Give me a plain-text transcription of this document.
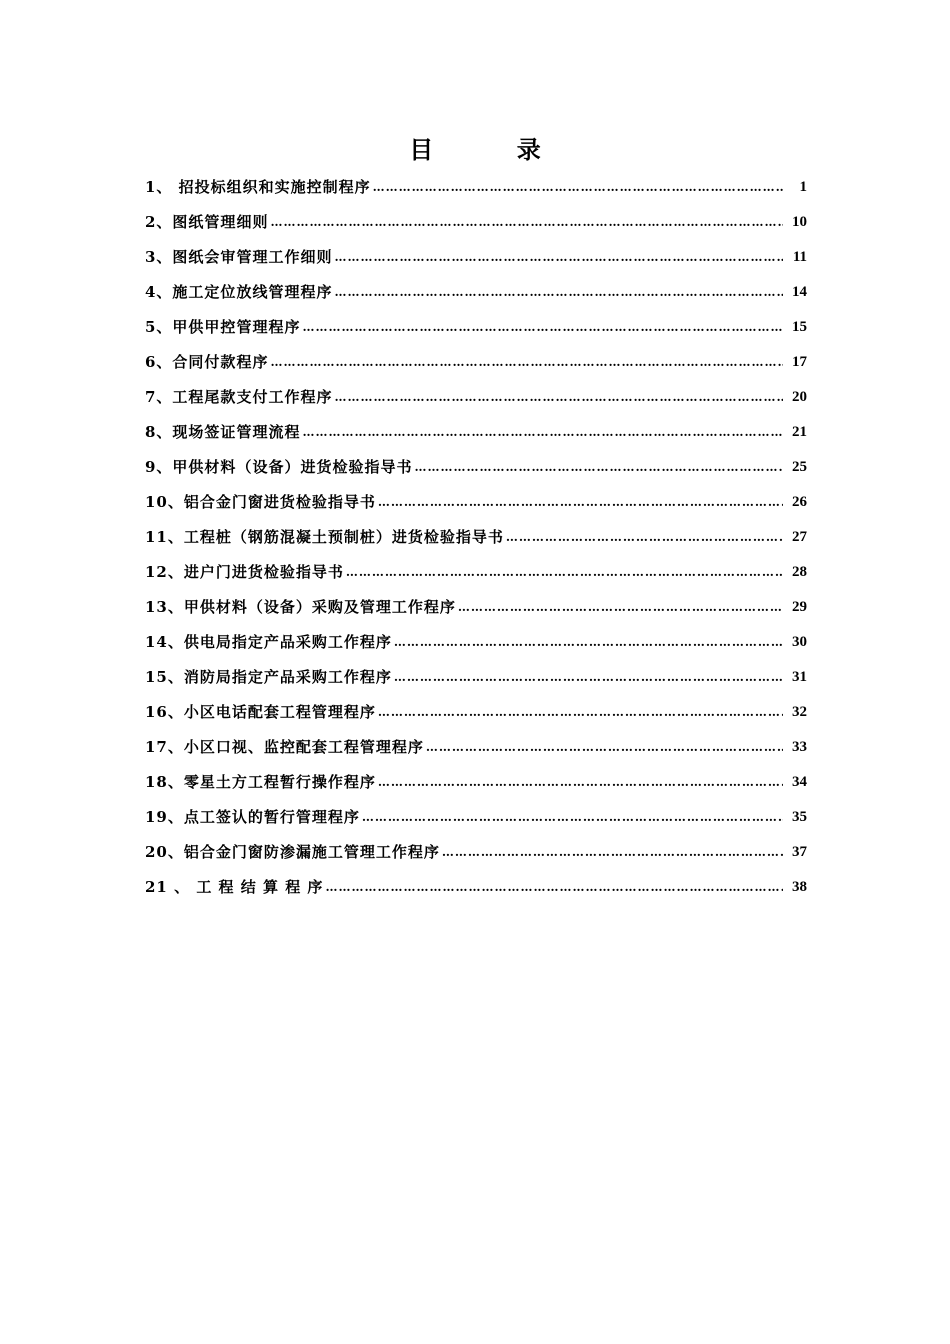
目          录
1、 招投标组织和实施控制程序 …………………………………………………………………………………………………………………………………………………	1
2、图纸管理细则 …………………………………………………………………………………………………………………………………………………	10
3、图纸会审管理工作细则 …………………………………………………………………………………………………………………………………………………	11
4、施工定位放线管理程序 …………………………………………………………………………………………………………………………………………………	14
5、甲供甲控管理程序 …………………………………………………………………………………………………………………………………………………	15
6、合同付款程序 …………………………………………………………………………………………………………………………………………………	17
7、工程尾款支付工作程序 …………………………………………………………………………………………………………………………………………………	20
8、现场签证管理流程 …………………………………………………………………………………………………………………………………………………	21
9、甲供材料（设备）进货检验指导书 …………………………………………………………………………………………………………………………………………………	25
10、铝合金门窗进货检验指导书 …………………………………………………………………………………………………………………………………………………	26
11、工程桩（钢筋混凝土预制桩）进货检验指导书 …………………………………………………………………………………………………………………………………………………	27
12、进户门进货检验指导书 …………………………………………………………………………………………………………………………………………………	28
13、甲供材料（设备）采购及管理工作程序 …………………………………………………………………………………………………………………………………………………	29
14、供电局指定产品采购工作程序 …………………………………………………………………………………………………………………………………………………	30
15、消防局指定产品采购工作程序 …………………………………………………………………………………………………………………………………………………	31
16、小区电话配套工程管理程序 …………………………………………………………………………………………………………………………………………………	32
17、小区口视、监控配套工程管理程序 …………………………………………………………………………………………………………………………………………………	33
18、零星土方工程暂行操作程序 …………………………………………………………………………………………………………………………………………………	34
19、点工签认的暂行管理程序 …………………………………………………………………………………………………………………………………………………	35
20、铝合金门窗防渗漏施工管理工作程序 …………………………………………………………………………………………………………………………………………………	37
21 、 工 程 结 算 程 序 …………………………………………………………………………………………………………………………………………………	38
